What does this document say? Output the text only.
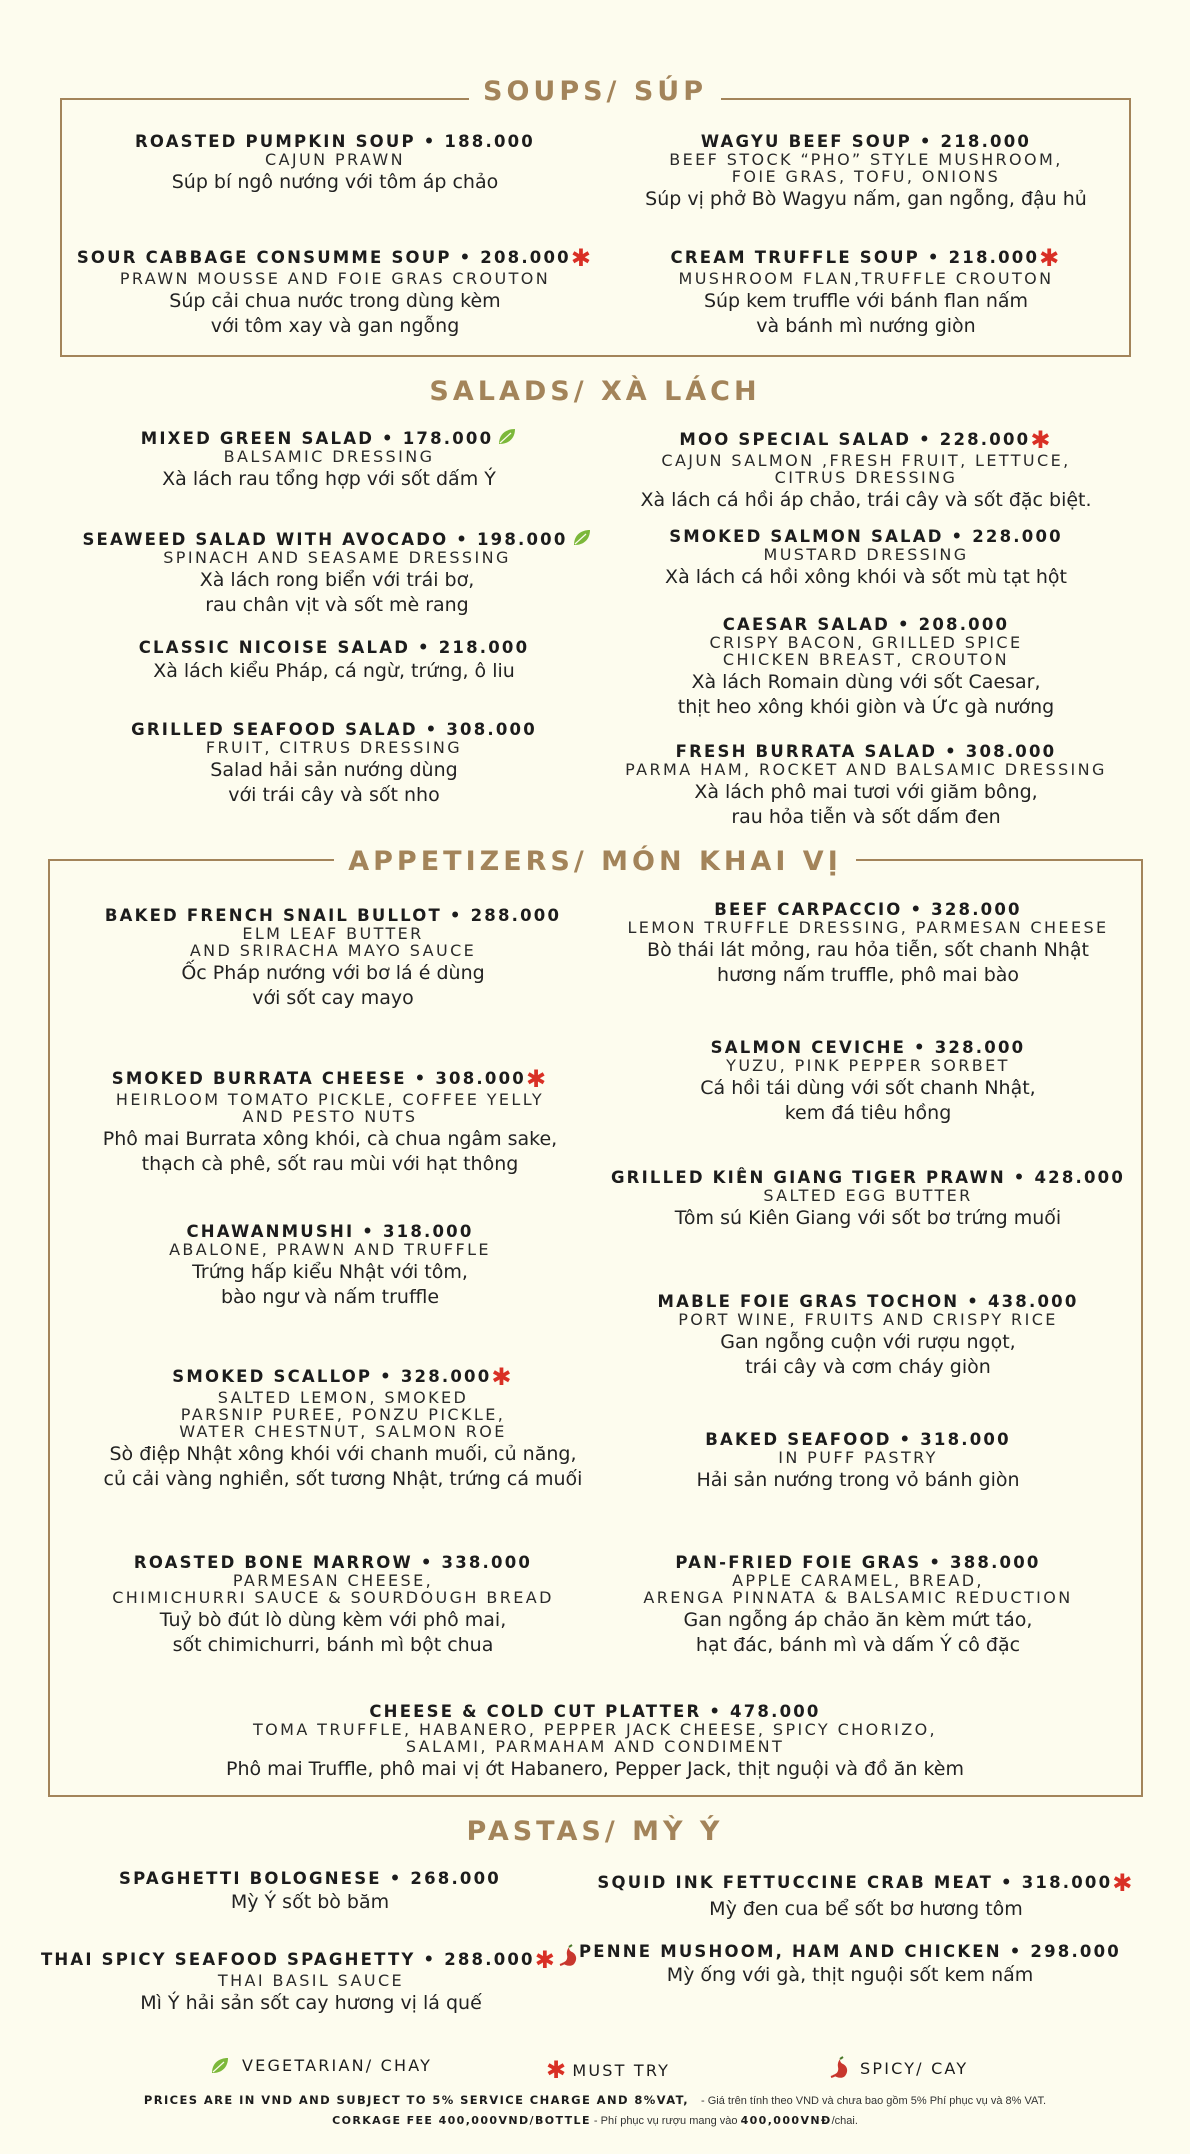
SOUPS/ SÚP
SALADS/ XÀ LÁCH
APPETIZERS/ MÓN KHAI VỊ
PASTAS/ MỲ Ý
ROASTED PUMPKIN SOUP • 188.000
CAJUN PRAWN
Súp bí ngô nướng với tôm áp chảo
WAGYU BEEF SOUP • 218.000
BEEF STOCK “PHO” STYLE MUSHROOM,
FOIE GRAS, TOFU, ONIONS
Súp vị phở Bò Wagyu nấm, gan ngỗng, đậu hủ
SOUR CABBAGE CONSUMME SOUP • 208.000✱
PRAWN MOUSSE AND FOIE GRAS CROUTON
Súp cải chua nước trong dùng kèm
với tôm xay và gan ngỗng
CREAM TRUFFLE SOUP • 218.000✱
MUSHROOM FLAN,TRUFFLE CROUTON
Súp kem truffle với bánh flan nấm
và bánh mì nướng giòn
MIXED GREEN SALAD • 178.000
BALSAMIC DRESSING
Xà lách rau tổng hợp với sốt dấm Ý
MOO SPECIAL SALAD • 228.000✱
CAJUN SALMON ,FRESH FRUIT, LETTUCE,
CITRUS DRESSING
Xà lách cá hồi áp chảo, trái cây và sốt đặc biệt.
SEAWEED SALAD WITH AVOCADO • 198.000
SPINACH AND SEASAME DRESSING
Xà lách rong biển với trái bơ,
rau chân vịt và sốt mè rang
SMOKED SALMON SALAD • 228.000
MUSTARD DRESSING
Xà lách cá hồi xông khói và sốt mù tạt hột
CLASSIC NICOISE SALAD • 218.000
Xà lách kiểu Pháp, cá ngừ, trứng, ô liu
CAESAR SALAD • 208.000
CRISPY BACON, GRILLED SPICE
CHICKEN BREAST, CROUTON
Xà lách Romain dùng với sốt Caesar,
thịt heo xông khói giòn và Ức gà nướng
GRILLED SEAFOOD SALAD • 308.000
FRUIT, CITRUS DRESSING
Salad hải sản nướng dùng
với trái cây và sốt nho
FRESH BURRATA SALAD • 308.000
PARMA HAM, ROCKET AND BALSAMIC DRESSING
Xà lách phô mai tươi với giăm bông,
rau hỏa tiễn và sốt dấm đen
BAKED FRENCH SNAIL BULLOT • 288.000
ELM LEAF BUTTER
AND SRIRACHA MAYO SAUCE
Ốc Pháp nướng với bơ lá é dùng
với sốt cay mayo
BEEF CARPACCIO • 328.000
LEMON TRUFFLE DRESSING, PARMESAN CHEESE
Bò thái lát mỏng, rau hỏa tiễn, sốt chanh Nhật
hương nấm truffle, phô mai bào
SALMON CEVICHE • 328.000
YUZU, PINK PEPPER SORBET
Cá hồi tái dùng với sốt chanh Nhật,
kem đá tiêu hồng
SMOKED BURRATA CHEESE • 308.000✱
HEIRLOOM TOMATO PICKLE, COFFEE YELLY
AND PESTO NUTS
Phô mai Burrata xông khói, cà chua ngâm sake,
thạch cà phê, sốt rau mùi với hạt thông
GRILLED KIÊN GIANG TIGER PRAWN • 428.000
SALTED EGG BUTTER
Tôm sú Kiên Giang với sốt bơ trứng muối
CHAWANMUSHI • 318.000
ABALONE, PRAWN AND TRUFFLE
Trứng hấp kiểu Nhật với tôm,
bào ngư và nấm truffle	MABLE FOIE GRAS TOCHON • 438.000
PORT WINE, FRUITS AND CRISPY RICE
Gan ngỗng cuộn với rượu ngọt,
trái cây và cơm cháy giòn
SMOKED SCALLOP • 328.000✱
SALTED LEMON, SMOKED
PARSNIP PUREE, PONZU PICKLE,
WATER CHESTNUT, SALMON ROE
Sò điệp Nhật xông khói với chanh muối, củ năng,
củ cải vàng nghiền, sốt tương Nhật, trứng cá muối
BAKED SEAFOOD • 318.000
IN PUFF PASTRY
Hải sản nướng trong vỏ bánh giòn
ROASTED BONE MARROW • 338.000
PARMESAN CHEESE,
CHIMICHURRI SAUCE & SOURDOUGH BREAD
Tuỷ bò đút lò dùng kèm với phô mai,
sốt chimichurri, bánh mì bột chua
PAN-FRIED FOIE GRAS • 388.000
APPLE CARAMEL, BREAD,
ARENGA PINNATA & BALSAMIC REDUCTION
Gan ngỗng áp chảo ăn kèm mứt táo,
hạt đác, bánh mì và dấm Ý cô đặc
CHEESE & COLD CUT PLATTER • 478.000
TOMA TRUFFLE, HABANERO, PEPPER JACK CHEESE, SPICY CHORIZO,
SALAMI, PARMAHAM AND CONDIMENT
Phô mai Truffle, phô mai vị ớt Habanero, Pepper Jack, thịt nguội và đồ ăn kèm
SPAGHETTI BOLOGNESE • 268.000
Mỳ Ý sốt bò băm
SQUID INK FETTUCCINE CRAB MEAT • 318.000✱
Mỳ đen cua bể sốt bơ hương tôm
THAI SPICY SEAFOOD SPAGHETTY • 288.000✱
THAI BASIL SAUCE
Mì Ý hải sản sốt cay hương vị lá quế
PENNE MUSHOOM, HAM AND CHICKEN • 298.000
Mỳ ống với gà, thịt nguội sốt kem nấm
VEGETARIAN/ CHAY	✱ MUST TRY	SPICY/ CAY
PRICES ARE IN VND AND SUBJECT TO 5% SERVICE CHARGE AND 8%VAT, - Giá trên tính theo VND và chưa bao gồm 5% Phí phục vụ và 8% VAT.
CORKAGE FEE 400,000VND/BOTTLE - Phí phục vụ rượu mang vào 400,000VNĐ/chai.
